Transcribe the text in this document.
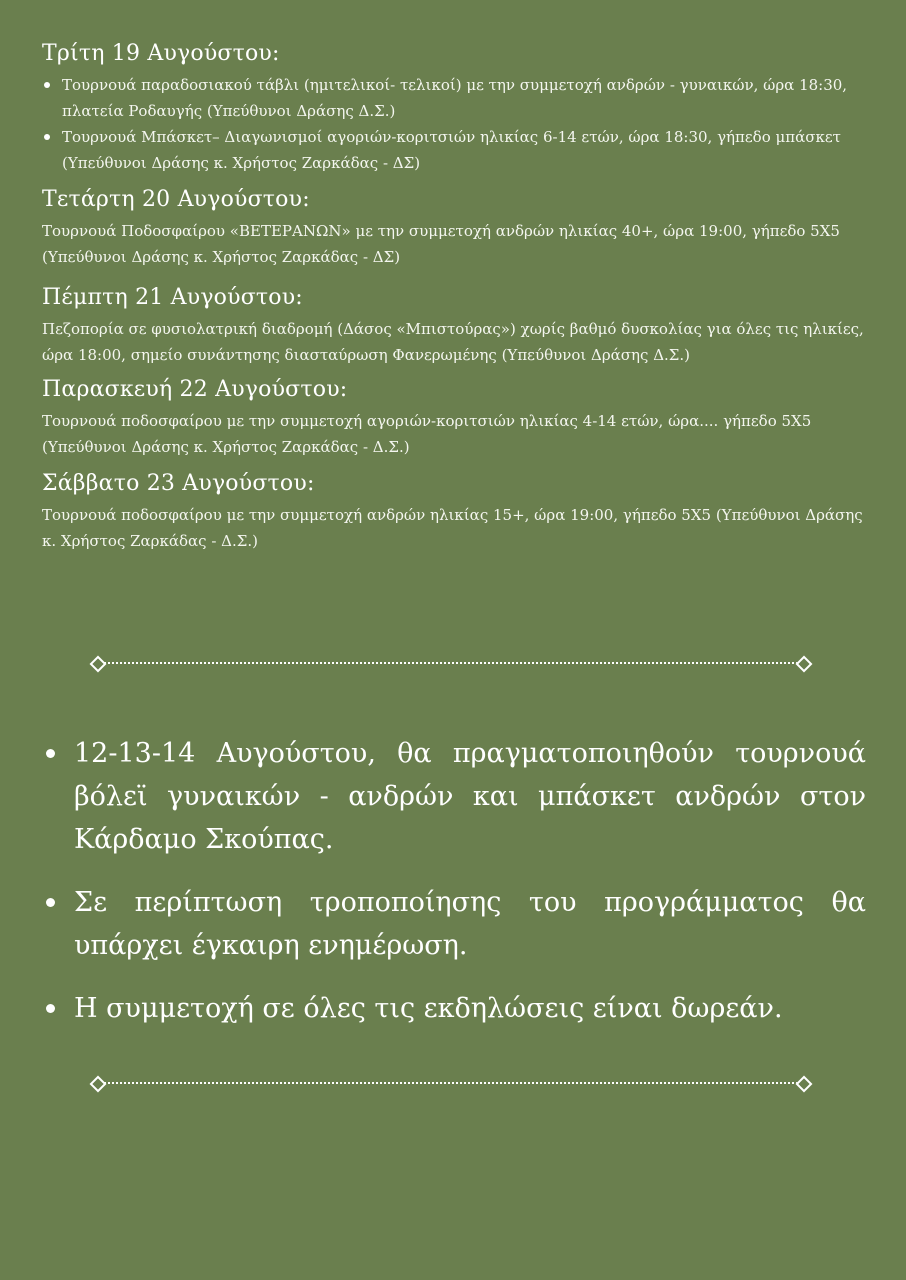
Τρίτη 19 Αυγούστου:
Τουρνουά παραδοσιακού τάβλι (ημιτελικοί- τελικοί) με την συμμετοχή ανδρών - γυναικών, ώρα 18:30, πλατεία Ροδαυγής (Υπεύθυνοι Δράσης Δ.Σ.)
Τουρνουά Μπάσκετ– Διαγωνισμοί αγοριών-κοριτσιών ηλικίας 6-14 ετών, ώρα 18:30, γήπεδο μπάσκετ (Υπεύθυνοι Δράσης κ. Χρήστος Ζαρκάδας - ΔΣ)
Τετάρτη 20 Αυγούστου:

Τουρνουά Ποδοσφαίρου «ΒΕΤΕΡΑΝΩΝ» με την συμμετοχή ανδρών ηλικίας 40+, ώρα 19:00, γήπεδο 5Χ5 (Υπεύθυνοι Δράσης κ. Χρήστος Ζαρκάδας - ΔΣ)

Πέμπτη 21 Αυγούστου:

Πεζοπορία σε φυσιολατρική διαδρομή (Δάσος «Μπιστούρας») χωρίς βαθμό δυσκολίας για όλες τις ηλικίες, ώρα 18:00, σημείο συνάντησης διασταύρωση Φανερωμένης (Υπεύθυνοι Δράσης Δ.Σ.)

Παρασκευή 22 Αυγούστου:

Τουρνουά ποδοσφαίρου με την συμμετοχή αγοριών-κοριτσιών ηλικίας 4-14 ετών, ώρα.... γήπεδο 5Χ5 (Υπεύθυνοι Δράσης κ. Χρήστος Ζαρκάδας - Δ.Σ.)

Σάββατο 23 Αυγούστου:

Τουρνουά ποδοσφαίρου με την συμμετοχή ανδρών ηλικίας 15+, ώρα 19:00, γήπεδο 5Χ5 (Υπεύθυνοι Δράσης κ. Χρήστος Ζαρκάδας - Δ.Σ.)

12-13-14 Αυγούστου, θα πραγματοποιηθούν τουρνουά βόλεϊ γυναικών - ανδρών και μπάσκετ ανδρών στον Κάρδαμο Σκούπας.
Σε περίπτωση τροποποίησης του προγράμματος θα υπάρχει έγκαιρη ενημέρωση.
Η συμμετοχή σε όλες τις εκδηλώσεις είναι δωρεάν.
